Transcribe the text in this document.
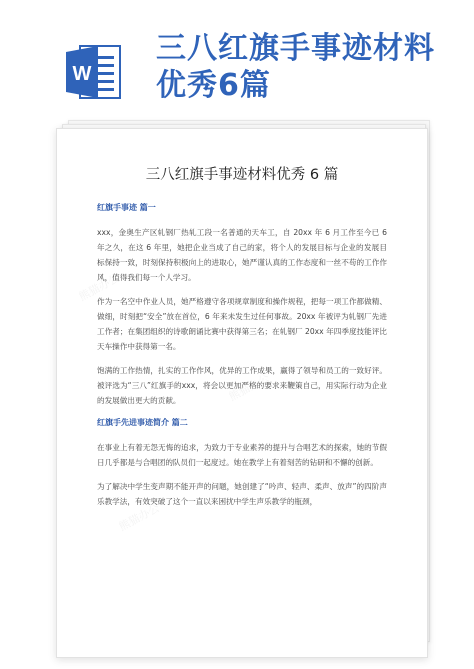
W
三八红旗手事迹材料优秀6篇
三八红旗手事迹材料优秀 6 篇
红旗手事迹 篇一

xxx，金奥生产区轧钢厂热轧工段一名普通的天车工，自 20xx 年 6 月工作至今已 6 年之久，在这 6 年里，她把企业当成了自己的家，将个人的发展目标与企业的发展目标保持一致，时刻保持积极向上的进取心，她严谨认真的工作态度和一丝不苟的工作作风，值得我们每一个人学习。

作为一名空中作业人员，她严格遵守各项规章制度和操作规程，把每一项工作都做精、做细，时刻把“安全”放在首位，6 年来未发生过任何事故。20xx 年被评为轧钢厂先进工作者；在集团组织的诗歌朗诵比赛中获得第三名；在轧钢厂 20xx 年四季度技能评比天车操作中获得第一名。

饱满的工作热情，扎实的工作作风，优异的工作成果，赢得了领导和员工的一致好评。被评选为“三八”红旗手的xxx，将会以更加严格的要求来鞭策自己，用实际行动为企业的发展做出更大的贡献。

红旗手先进事迹简介 篇二

在事业上有着无怨无悔的追求，为致力于专业素养的提升与合唱艺术的探索，她的节假日几乎都是与合唱团的队员们一起度过。她在教学上有着刻苦的钻研和不懈的创新。

为了解决中学生变声期不能开声的问题，她创建了“吟声、轻声、柔声、放声”的四阶声乐教学法，有效突破了这个一直以来困扰中学生声乐教学的瓶颈，

熊猫办公
熊猫办公
熊猫办公
